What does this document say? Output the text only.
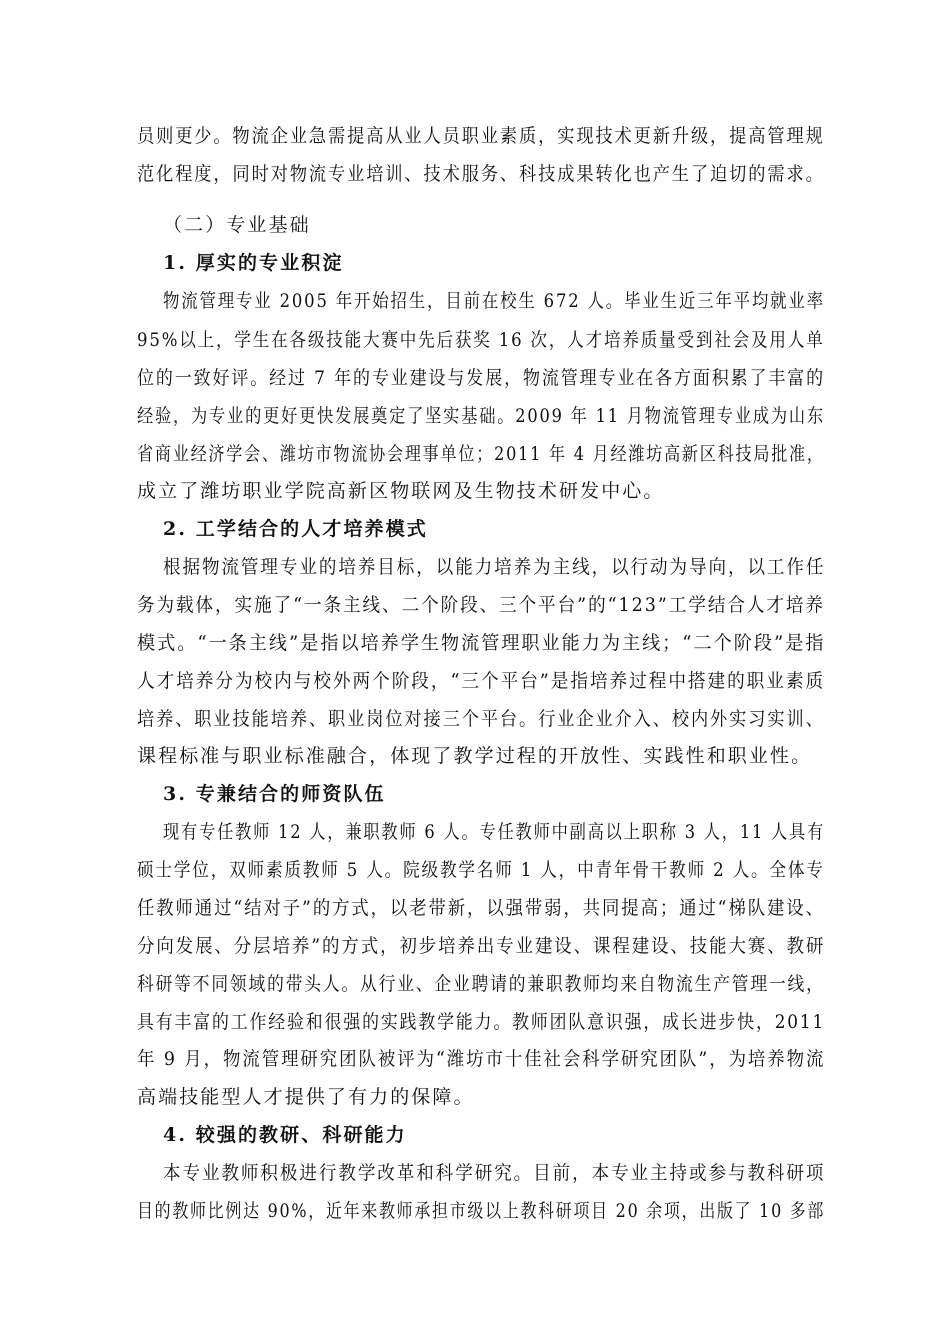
员则更少。物流企业急需提高从业人员职业素质，实现技术更新升级，提高管理规
范化程度，同时对物流专业培训、技术服务、科技成果转化也产生了迫切的需求。
（二）专业基础
1. 厚实的专业积淀
物流管理专业 2005 年开始招生，目前在校生 672 人。毕业生近三年平均就业率
95%以上，学生在各级技能大赛中先后获奖 16 次，人才培养质量受到社会及用人单
位的一致好评。经过 7 年的专业建设与发展，物流管理专业在各方面积累了丰富的
经验，为专业的更好更快发展奠定了坚实基础。2009 年 11 月物流管理专业成为山东
省商业经济学会、潍坊市物流协会理事单位；2011 年 4 月经潍坊高新区科技局批准，
成立了潍坊职业学院高新区物联网及生物技术研发中心。
2. 工学结合的人才培养模式
根据物流管理专业的培养目标，以能力培养为主线，以行动为导向，以工作任
务为载体，实施了“一条主线、二个阶段、三个平台”的“123”工学结合人才培养
模式。“一条主线”是指以培养学生物流管理职业能力为主线；“二个阶段”是指
人才培养分为校内与校外两个阶段，“三个平台”是指培养过程中搭建的职业素质
培养、职业技能培养、职业岗位对接三个平台。行业企业介入、校内外实习实训、
课程标准与职业标准融合，体现了教学过程的开放性、实践性和职业性。
3. 专兼结合的师资队伍
现有专任教师 12 人，兼职教师 6 人。专任教师中副高以上职称 3 人，11 人具有
硕士学位，双师素质教师 5 人。院级教学名师 1 人，中青年骨干教师 2 人。全体专
任教师通过“结对子”的方式，以老带新，以强带弱，共同提高；通过“梯队建设、
分向发展、分层培养”的方式，初步培养出专业建设、课程建设、技能大赛、教研
科研等不同领域的带头人。从行业、企业聘请的兼职教师均来自物流生产管理一线，
具有丰富的工作经验和很强的实践教学能力。教师团队意识强，成长进步快，2011
年 9 月，物流管理研究团队被评为“潍坊市十佳社会科学研究团队”，为培养物流
高端技能型人才提供了有力的保障。
4. 较强的教研、科研能力
本专业教师积极进行教学改革和科学研究。目前，本专业主持或参与教科研项
目的教师比例达 90%，近年来教师承担市级以上教科研项目 20 余项，出版了 10 多部
